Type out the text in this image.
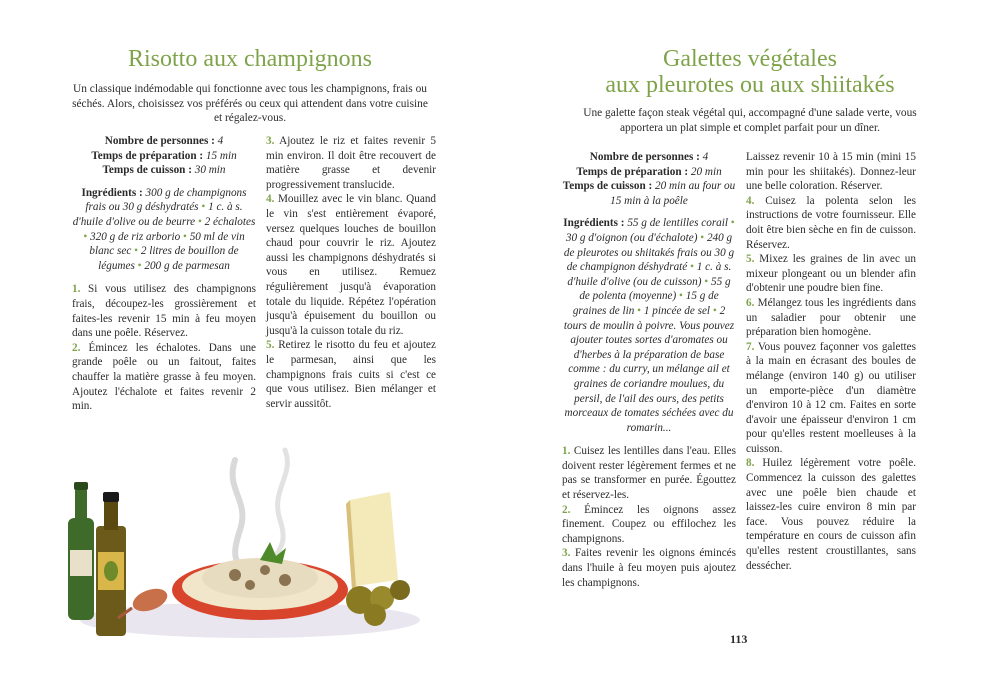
Risotto aux champignons

Un classique indémodable qui fonctionne avec tous les champignons, frais ou séchés. Alors, choisissez vos préférés ou ceux qui attendent dans votre cuisine et régalez-vous.

Nombre de personnes : 4
Temps de préparation : 15 min
Temps de cuisson : 30 min
Ingrédients : 300 g de champignons frais ou 30 g déshydratés • 1 c. à s. d'huile d'olive ou de beurre • 2 échalotes • 320 g de riz arborio • 50 ml de vin blanc sec • 2 litres de bouillon de légumes • 200 g de parmesan

1. Si vous utilisez des champignons frais, découpez-les grossièrement et faites-les revenir 15 min à feu moyen dans une poêle. Réservez.

2. Émincez les échalotes. Dans une grande poêle ou un faitout, faites chauffer la matière grasse à feu moyen. Ajoutez l'échalote et faites revenir 2 min.

3. Ajoutez le riz et faites revenir 5 min environ. Il doit être recouvert de matière grasse et devenir progressivement translucide.

4. Mouillez avec le vin blanc. Quand le vin s'est entièrement évaporé, versez quelques louches de bouillon chaud pour couvrir le riz. Ajoutez aussi les champignons déshydratés si vous en utilisez. Remuez régulièrement jusqu'à évaporation totale du liquide. Répétez l'opération jusqu'à épuisement du bouillon ou jusqu'à la cuisson totale du riz.

5. Retirez le risotto du feu et ajoutez le parmesan, ainsi que les champignons frais cuits si c'est ce que vous utilisez. Bien mélanger et servir aussitôt.

Galettes végétales
aux pleurotes ou aux shiitakés

Une galette façon steak végétal qui, accompagné d'une salade verte, vous apportera un plat simple et complet parfait pour un dîner.

Nombre de personnes : 4
Temps de préparation : 20 min
Temps de cuisson : 20 min au four ou 15 min à la poêle
Ingrédients : 55 g de lentilles corail • 30 g d'oignon (ou d'échalote) • 240 g de pleurotes ou shiitakés frais ou 30 g de champignon déshydraté • 1 c. à s. d'huile d'olive (ou de cuisson) • 55 g de polenta (moyenne) • 15 g de graines de lin • 1 pincée de sel • 2 tours de moulin à poivre. Vous pouvez ajouter toutes sortes d'aromates ou d'herbes à la préparation de base comme : du curry, un mélange ail et graines de coriandre moulues, du persil, de l'ail des ours, des petits morceaux de tomates séchées avec du romarin...

1. Cuisez les lentilles dans l'eau. Elles doivent rester légèrement fermes et ne pas se transformer en purée. Égouttez et réservez-les.

2. Émincez les oignons assez finement. Coupez ou effilochez les champignons.

3. Faites revenir les oignons émincés dans l'huile à feu moyen puis ajoutez les champignons.

Laissez revenir 10 à 15 min (mini 15 min pour les shiitakés). Donnez-leur une belle coloration. Réserver.

4. Cuisez la polenta selon les instructions de votre fournisseur. Elle doit être bien sèche en fin de cuisson. Réservez.

5. Mixez les graines de lin avec un mixeur plongeant ou un blender afin d'obtenir une poudre bien fine.

6. Mélangez tous les ingrédients dans un saladier pour obtenir une préparation bien homogène.

7. Vous pouvez façonner vos galettes à la main en écrasant des boules de mélange (environ 140 g) ou utiliser un emporte-pièce d'un diamètre d'environ 10 à 12 cm. Faites en sorte d'avoir une épaisseur d'environ 1 cm pour qu'elles restent moelleuses à la cuisson.

8. Huilez légèrement votre poêle. Commencez la cuisson des galettes avec une poêle bien chaude et laissez-les cuire environ 8 min par face. Vous pouvez réduire la température en cours de cuisson afin qu'elles restent croustillantes, sans dessécher.

113
